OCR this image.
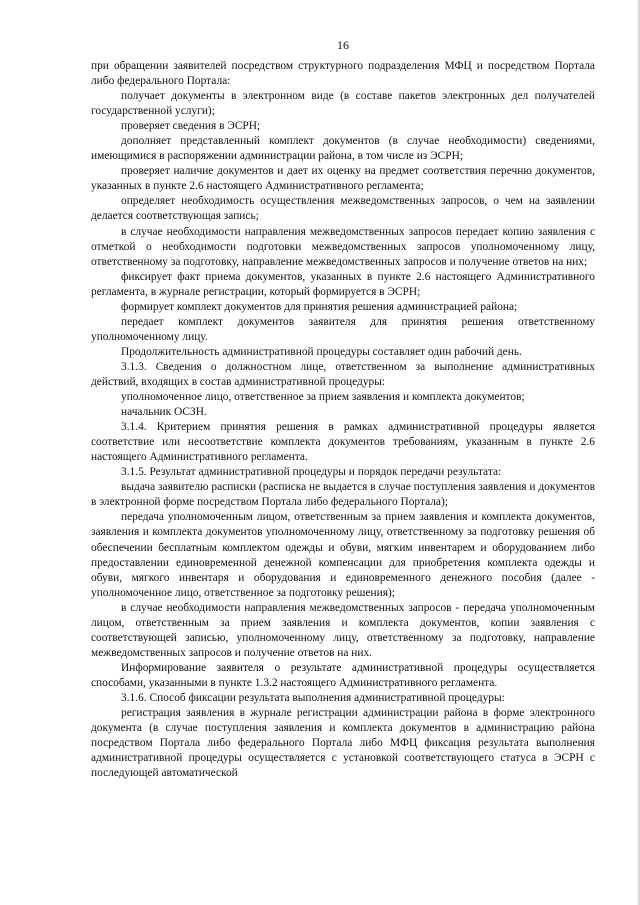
16

при обращении заявителей посредством структурного подразделения МФЦ и посредством Портала либо федерального Портала:

получает документы в электронном виде (в составе пакетов электронных дел получателей государственной услуги);

проверяет сведения в ЭСРН;

дополняет представленный комплект документов (в случае необходимости) сведениями, имеющимися в распоряжении администрации района, в том числе из ЭСРН;

проверяет наличие документов и дает их оценку на предмет соответствия перечню документов, указанных в пункте 2.6 настоящего Административного регламента;

определяет необходимость осуществления межведомственных запросов, о чем на заявлении делается соответствующая запись;

в случае необходимости направления межведомственных запросов передает копию заявления с отметкой о необходимости подготовки межведомственных запросов уполномоченному лицу, ответственному за подготовку, направление межведомственных запросов и получение ответов на них;

фиксирует факт приема документов, указанных в пункте 2.6 настоящего Административного регламента, в журнале регистрации, который формируется в ЭСРН;

формирует комплект документов для принятия решения администрацией района;

передает комплект документов заявителя для принятия решения ответственному уполномоченному лицу.

Продолжительность административной процедуры составляет один рабочий день.

3.1.3. Сведения о должностном лице, ответственном за выполнение административных действий, входящих в состав административной процедуры:

уполномоченное лицо, ответственное за прием заявления и комплекта документов;

начальник ОСЗН.

3.1.4. Критерием принятия решения в рамках административной процедуры является соответствие или несоответствие комплекта документов требованиям, указанным в пункте 2.6 настоящего Административного регламента.

3.1.5. Результат административной процедуры и порядок передачи результата:

выдача заявителю расписки (расписка не выдается в случае поступления заявления и документов в электронной форме посредством Портала либо федерального Портала);

передача уполномоченным лицом, ответственным за прием заявления и комплекта документов, заявления и комплекта документов уполномоченному лицу, ответственному за подготовку решения об обеспечении бесплатным комплектом одежды и обуви, мягким инвентарем и оборудованием либо предоставлении единовременной денежной компенсации для приобретения комплекта одежды и обуви, мягкого инвентаря и оборудования и единовременного денежного пособия (далее - уполномоченное лицо, ответственное за подготовку решения);

в случае необходимости направления межведомственных запросов - передача уполномоченным лицом, ответственным за прием заявления и комплекта документов, копии заявления с соответствующей записью, уполномоченному лицу, ответственному за подготовку, направление межведомственных запросов и получение ответов на них.

Информирование заявителя о результате административной процедуры осуществляется способами, указанными в пункте 1.3.2 настоящего Административного регламента.

3.1.6. Способ фиксации результата выполнения административной процедуры:

регистрация заявления в журнале регистрации администрации района в форме электронного документа (в случае поступления заявления и комплекта документов в администрацию района посредством Портала либо федерального Портала либо МФЦ фиксация результата выполнения административной процедуры осуществляется с установкой соответствующего статуса в ЭСРН с последующей автоматической
